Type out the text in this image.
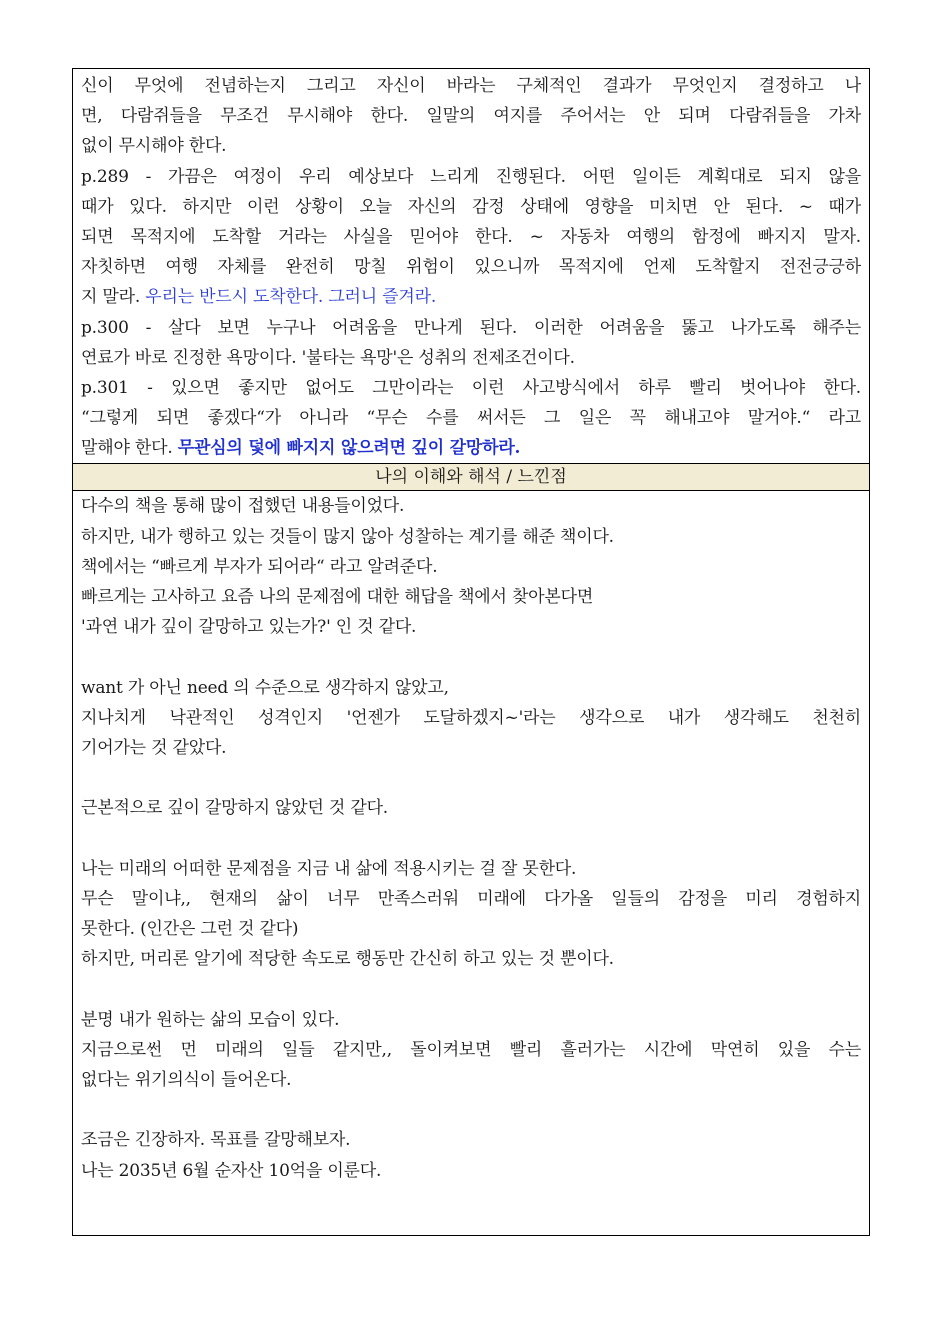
신이 무엇에 전념하는지 그리고 자신이 바라는 구체적인 결과가 무엇인지 결정하고 나
면, 다람쥐들을 무조건 무시해야 한다. 일말의 여지를 주어서는 안 되며 다람쥐들을 가차
없이 무시해야 한다.
p.289 - 가끔은 여정이 우리 예상보다 느리게 진행된다. 어떤 일이든 계획대로 되지 않을
때가 있다. 하지만 이런 상황이 오늘 자신의 감정 상태에 영향을 미치면 안 된다. ~ 때가
되면 목적지에 도착할 거라는 사실을 믿어야 한다. ~ 자동차 여행의 함정에 빠지지 말자.
자칫하면 여행 자체를 완전히 망칠 위험이 있으니까 목적지에 언제 도착할지 전전긍긍하
지 말라. 우리는 반드시 도착한다. 그러니 즐겨라.
p.300 - 살다 보면 누구나 어려움을 만나게 된다. 이러한 어려움을 뚫고 나가도록 해주는
연료가 바로 진정한 욕망이다. '불타는 욕망'은 성취의 전제조건이다.
p.301 - 있으면 좋지만 없어도 그만이라는 이런 사고방식에서 하루 빨리 벗어나야 한다.
“그렇게 되면 좋겠다“가 아니라 “무슨 수를 써서든 그 일은 꼭 해내고야 말거야.“ 라고
말해야 한다. 무관심의 덫에 빠지지 않으려면 깊이 갈망하라.
나의 이해와 해석 / 느낀점
다수의 책을 통해 많이 접했던 내용들이었다.
하지만, 내가 행하고 있는 것들이 많지 않아 성찰하는 계기를 해준 책이다.
책에서는 “빠르게 부자가 되어라“ 라고 알려준다.
빠르게는 고사하고 요즘 나의 문제점에 대한 해답을 책에서 찾아본다면
'과연 내가 깊이 갈망하고 있는가?' 인 것 같다.
want 가 아닌 need 의 수준으로 생각하지 않았고,
지나치게 낙관적인 성격인지 '언젠가 도달하겠지~'라는 생각으로 내가 생각해도 천천히
기어가는 것 같았다.
근본적으로 깊이 갈망하지 않았던 것 같다.
나는 미래의 어떠한 문제점을 지금 내 삶에 적용시키는 걸 잘 못한다.
무슨 말이냐,, 현재의 삶이 너무 만족스러워 미래에 다가올 일들의 감정을 미리 경험하지
못한다. (인간은 그런 것 같다)
하지만, 머리론 알기에 적당한 속도로 행동만 간신히 하고 있는 것 뿐이다.
분명 내가 원하는 삶의 모습이 있다.
지금으로썬 먼 미래의 일들 같지만,, 돌이켜보면 빨리 흘러가는 시간에 막연히 있을 수는
없다는 위기의식이 들어온다.
조금은 긴장하자. 목표를 갈망해보자.
나는 2035년 6월 순자산 10억을 이룬다.
